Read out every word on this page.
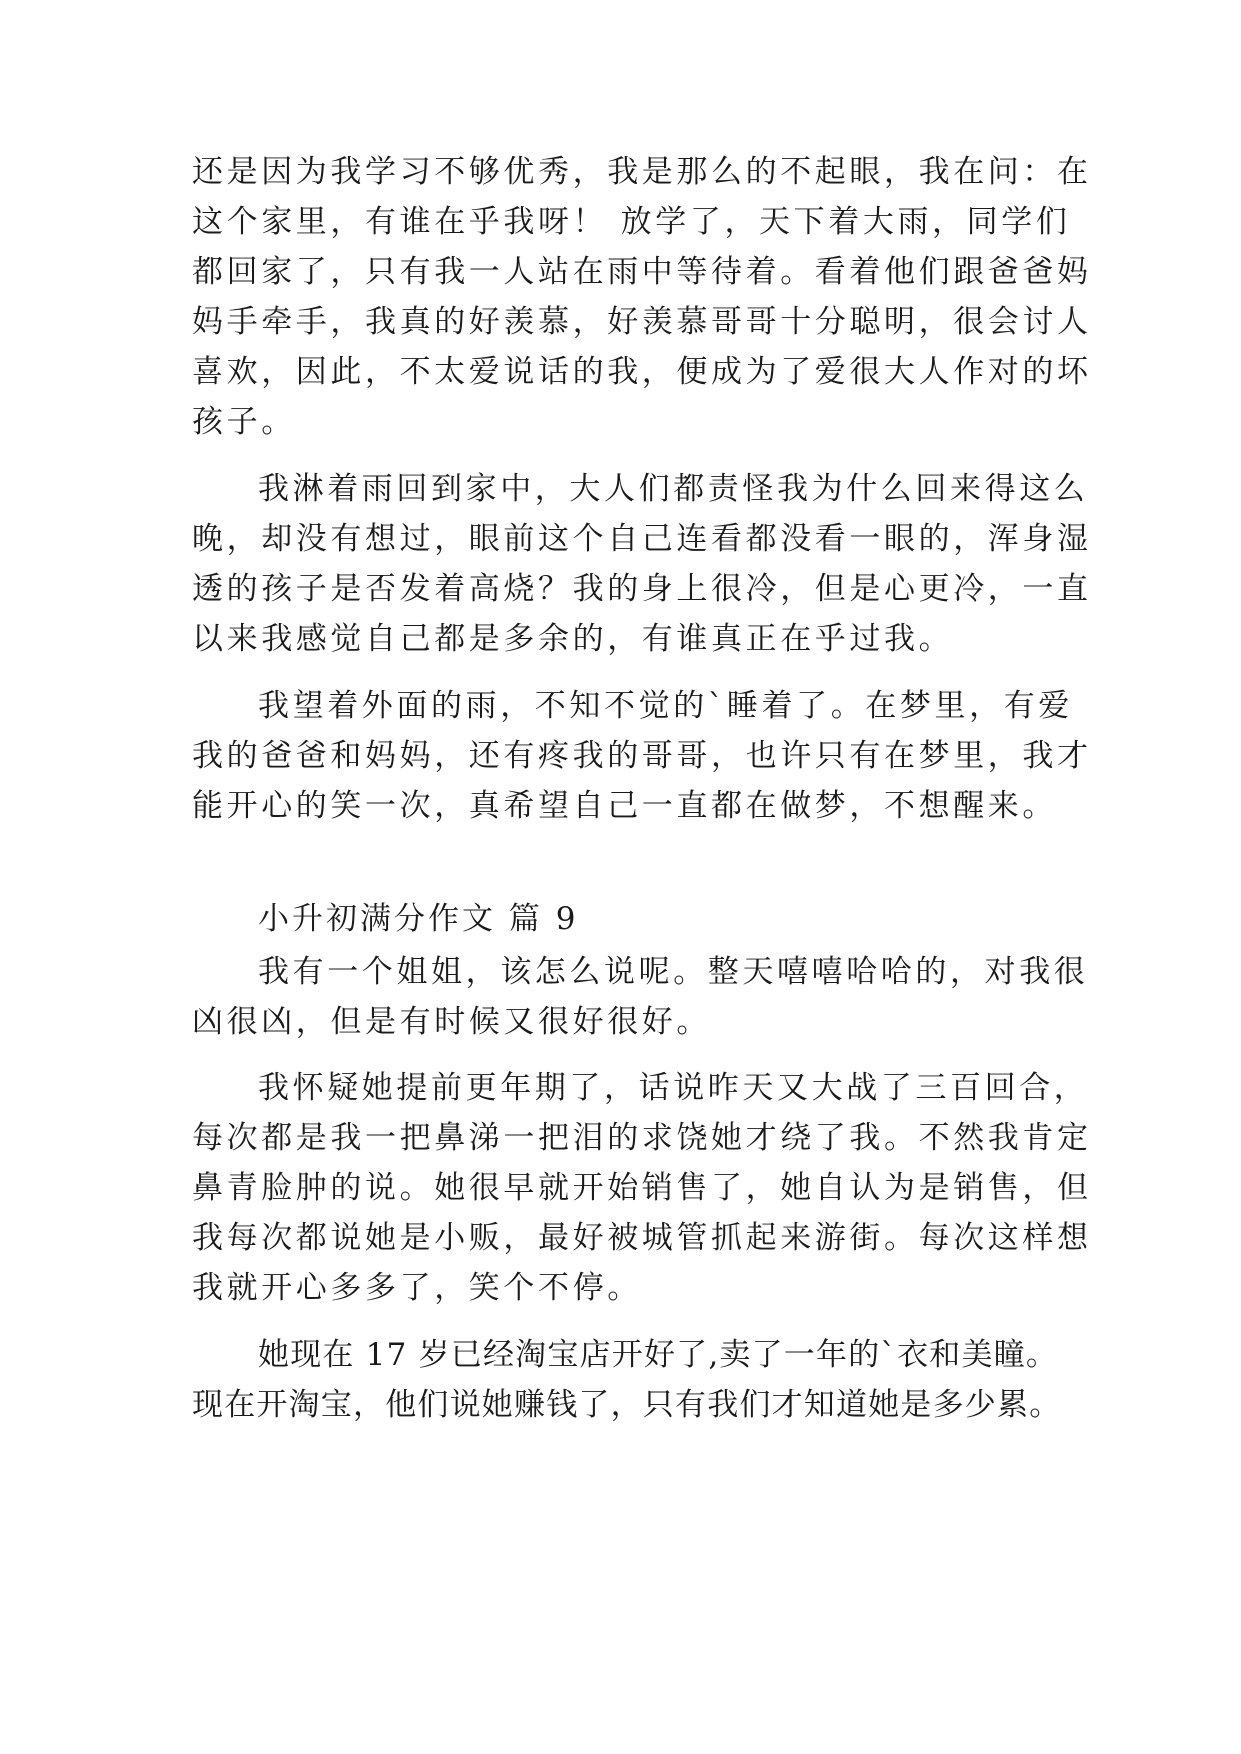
还是因为我学习不够优秀，我是那么的不起眼，我在问：在
这个家里，有谁在乎我呀！ 放学了，天下着大雨，同学们
都回家了，只有我一人站在雨中等待着。看着他们跟爸爸妈
妈手牵手，我真的好羡慕，好羡慕哥哥十分聪明，很会讨人
喜欢，因此，不太爱说话的我，便成为了爱很大人作对的坏
孩子。
我淋着雨回到家中，大人们都责怪我为什么回来得这么
晚，却没有想过，眼前这个自己连看都没看一眼的，浑身湿
透的孩子是否发着高烧？我的身上很冷，但是心更冷，一直
以来我感觉自己都是多余的，有谁真正在乎过我。
我望着外面的雨，不知不觉的`睡着了。在梦里，有爱
我的爸爸和妈妈，还有疼我的哥哥，也许只有在梦里，我才
能开心的笑一次，真希望自己一直都在做梦，不想醒来。
小升初满分作文 篇 9
我有一个姐姐，该怎么说呢。整天嘻嘻哈哈的，对我很
凶很凶，但是有时候又很好很好。
我怀疑她提前更年期了，话说昨天又大战了三百回合，
每次都是我一把鼻涕一把泪的求饶她才绕了我。不然我肯定
鼻青脸肿的说。她很早就开始销售了，她自认为是销售，但
我每次都说她是小贩，最好被城管抓起来游街。每次这样想
我就开心多多了，笑个不停。
她现在 17 岁已经淘宝店开好了,卖了一年的`衣和美瞳。
现在开淘宝，他们说她赚钱了，只有我们才知道她是多少累。
